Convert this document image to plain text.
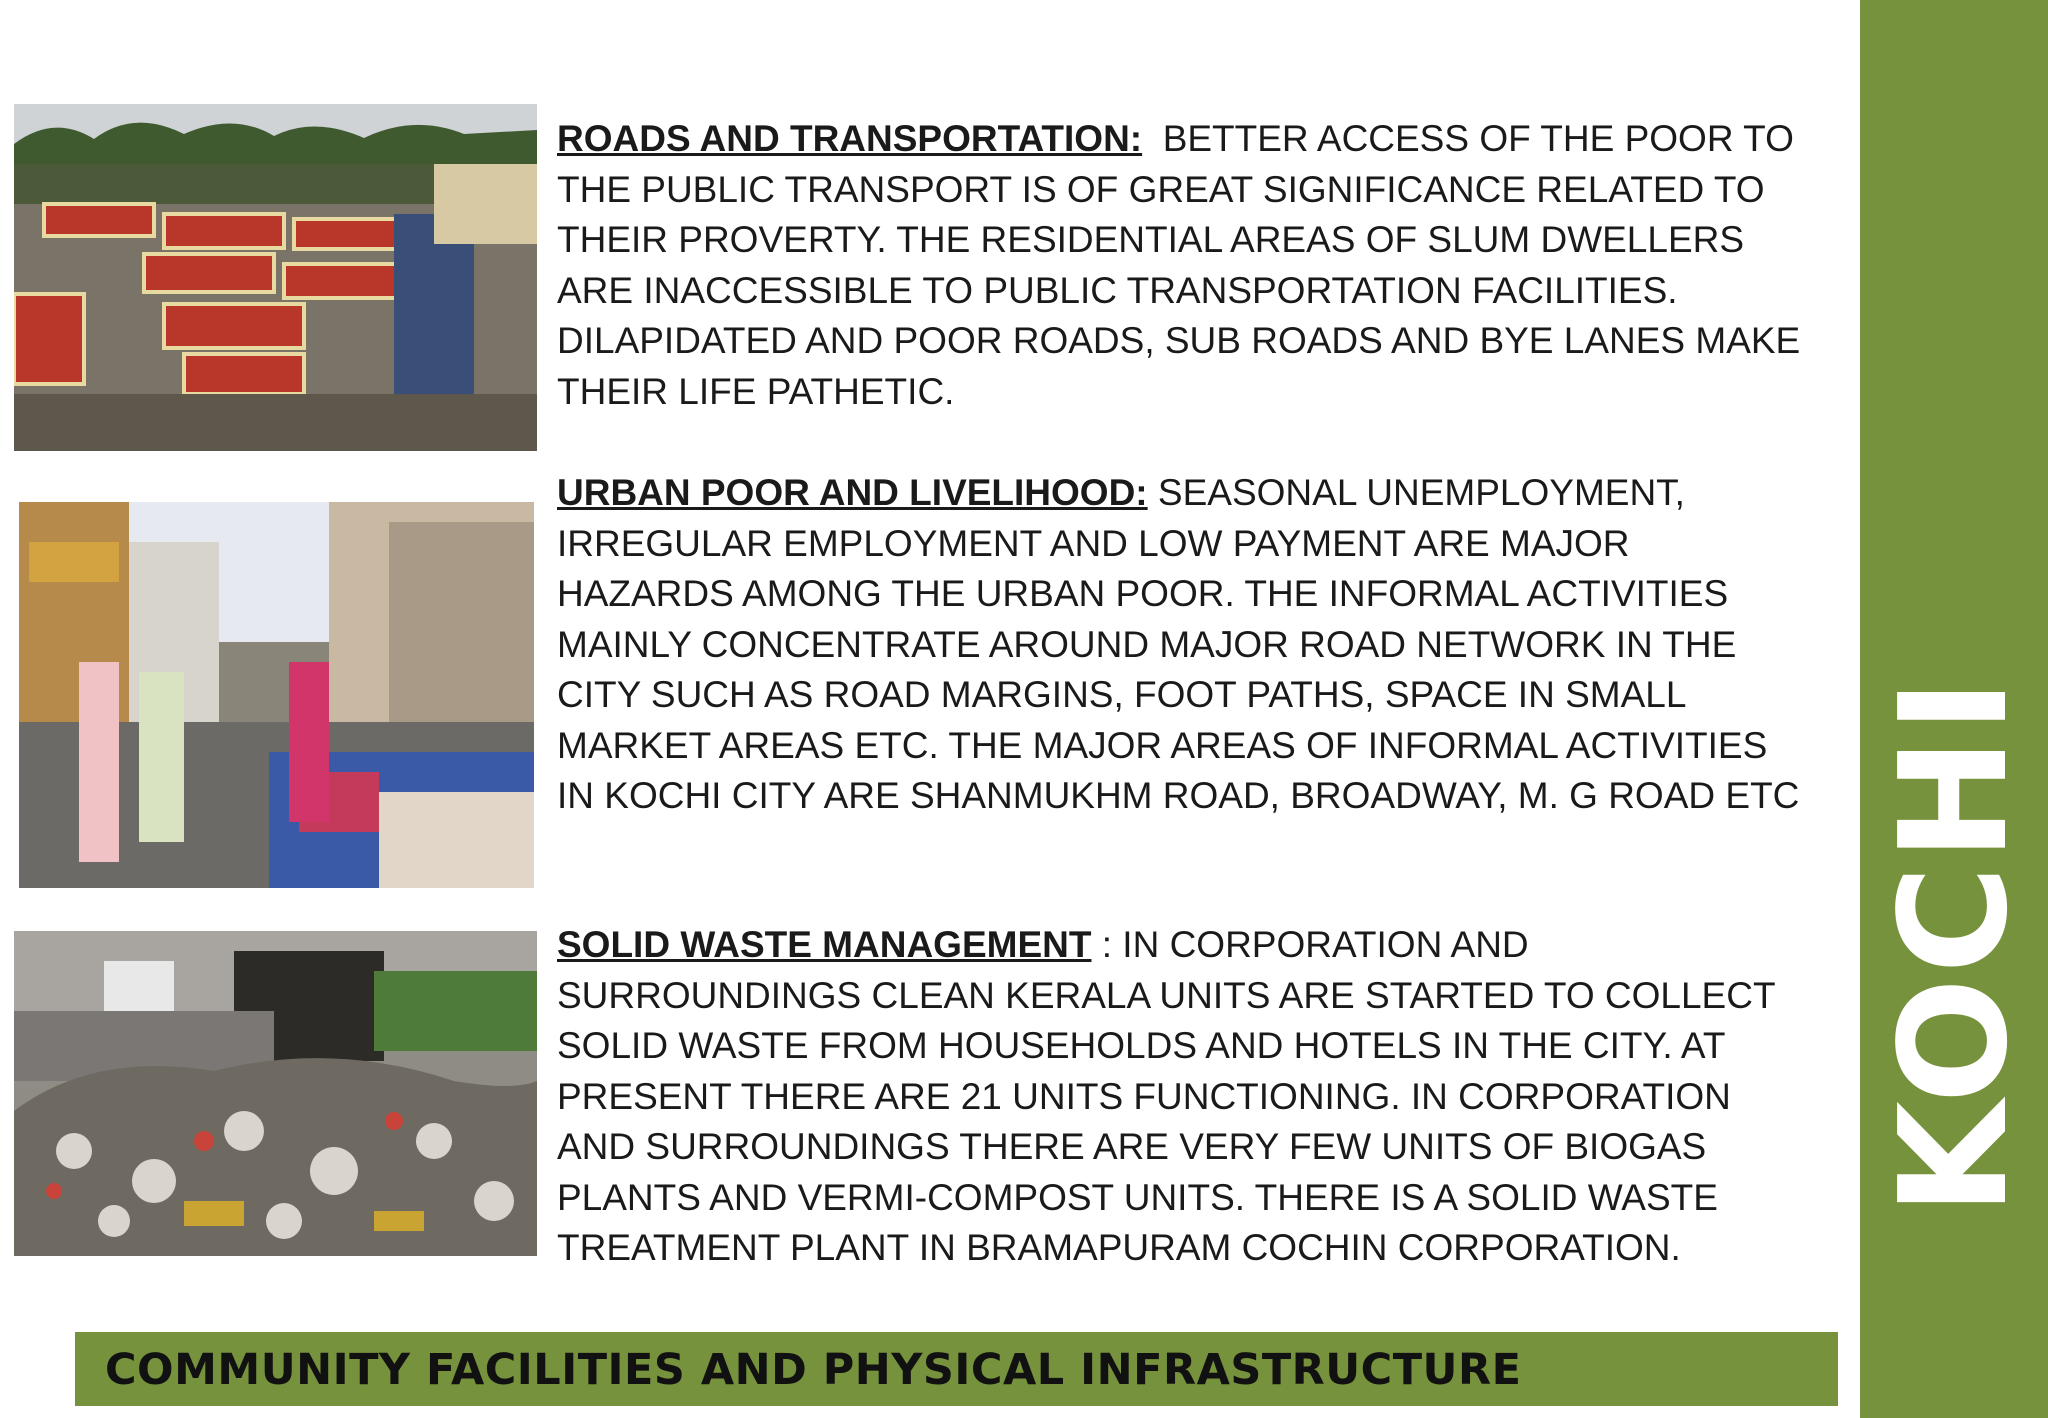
KOCHI
ROADS AND TRANSPORTATION: BETTER ACCESS OF THE POOR TO THE PUBLIC TRANSPORT IS OF GREAT SIGNIFICANCE RELATED TO THEIR PROVERTY. THE RESIDENTIAL AREAS OF SLUM DWELLERS ARE INACCESSIBLE TO PUBLIC TRANSPORTATION FACILITIES. DILAPIDATED AND POOR ROADS, SUB ROADS AND BYE LANES MAKE THEIR LIFE PATHETIC.
URBAN POOR AND LIVELIHOOD: SEASONAL UNEMPLOYMENT, IRREGULAR EMPLOYMENT AND LOW PAYMENT ARE MAJOR HAZARDS AMONG THE URBAN POOR. THE INFORMAL ACTIVITIES MAINLY CONCENTRATE AROUND MAJOR ROAD NETWORK IN THE CITY SUCH AS ROAD MARGINS, FOOT PATHS, SPACE IN SMALL MARKET AREAS ETC. THE MAJOR AREAS OF INFORMAL ACTIVITIES IN KOCHI CITY ARE SHANMUKHM ROAD, BROADWAY, M. G ROAD ETC
SOLID WASTE MANAGEMENT : IN CORPORATION AND SURROUNDINGS CLEAN KERALA UNITS ARE STARTED TO COLLECT SOLID WASTE FROM HOUSEHOLDS AND HOTELS IN THE CITY. AT PRESENT THERE ARE 21 UNITS FUNCTIONING. IN CORPORATION AND SURROUNDINGS THERE ARE VERY FEW UNITS OF BIOGAS PLANTS AND VERMI-COMPOST UNITS. THERE IS A SOLID WASTE TREATMENT PLANT IN BRAMAPURAM COCHIN CORPORATION.
COMMUNITY FACILITIES AND PHYSICAL INFRASTRUCTURE
